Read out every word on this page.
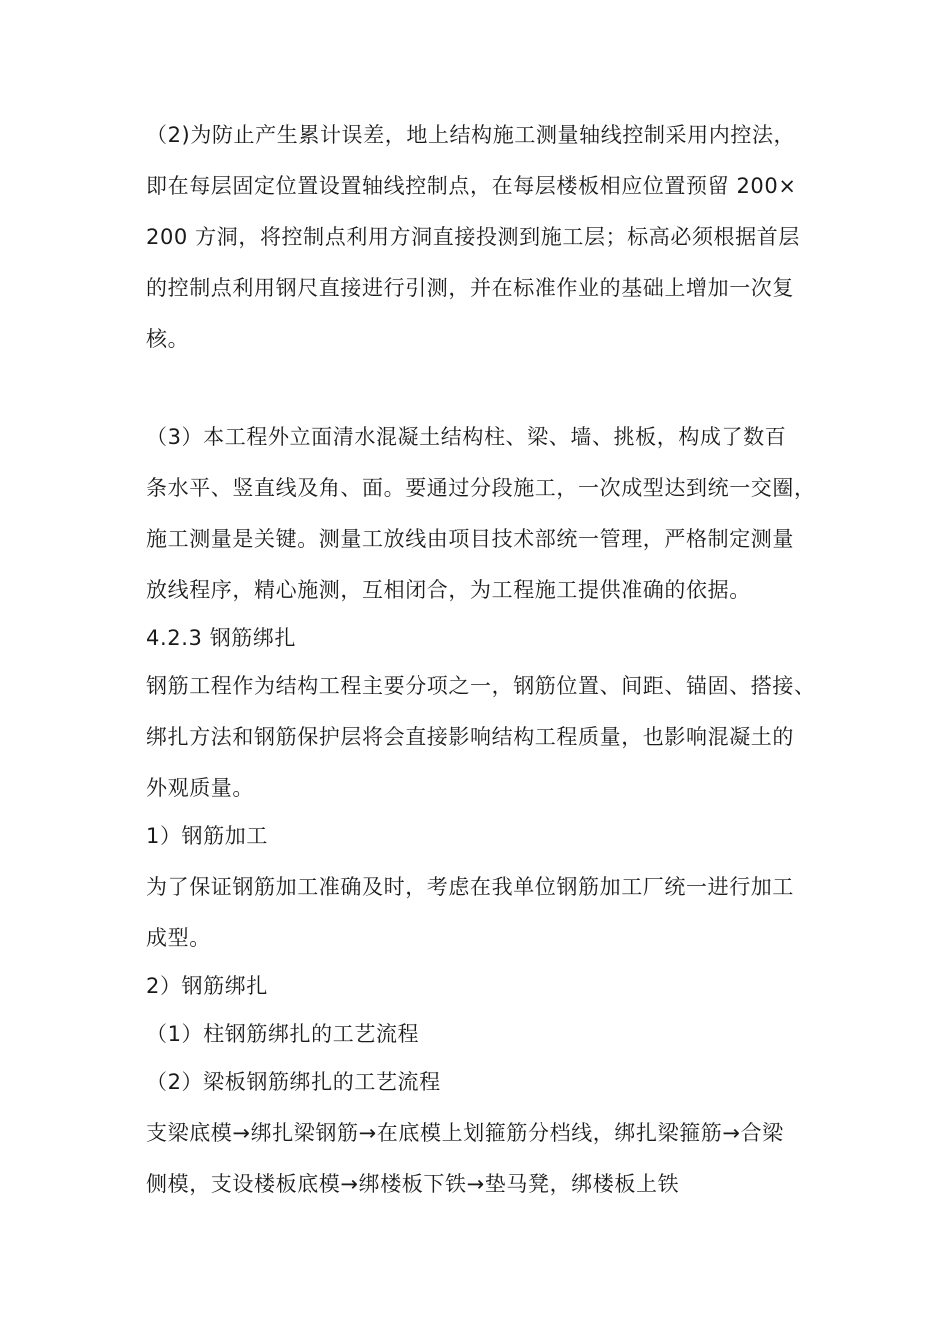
（2)为防止产生累计误差，地上结构施工测量轴线控制采用内控法，
即在每层固定位置设置轴线控制点，在每层楼板相应位置预留 200×
200 方洞，将控制点利用方洞直接投测到施工层；标高必须根据首层
的控制点利用钢尺直接进行引测，并在标准作业的基础上增加一次复
核。
（3）本工程外立面清水混凝土结构柱、梁、墙、挑板，构成了数百
条水平、竖直线及角、面。要通过分段施工，一次成型达到统一交圈，
施工测量是关键。测量工放线由项目技术部统一管理，严格制定测量
放线程序，精心施测，互相闭合，为工程施工提供准确的依据。
4.2.3 钢筋绑扎
钢筋工程作为结构工程主要分项之一，钢筋位置、间距、锚固、搭接、
绑扎方法和钢筋保护层将会直接影响结构工程质量，也影响混凝土的
外观质量。
1）钢筋加工
为了保证钢筋加工准确及时，考虑在我单位钢筋加工厂统一进行加工
成型。
2）钢筋绑扎
（1）柱钢筋绑扎的工艺流程
（2）梁板钢筋绑扎的工艺流程
支梁底模→绑扎梁钢筋→在底模上划箍筋分档线，绑扎梁箍筋→合梁
侧模，支设楼板底模→绑楼板下铁→垫马凳，绑楼板上铁
